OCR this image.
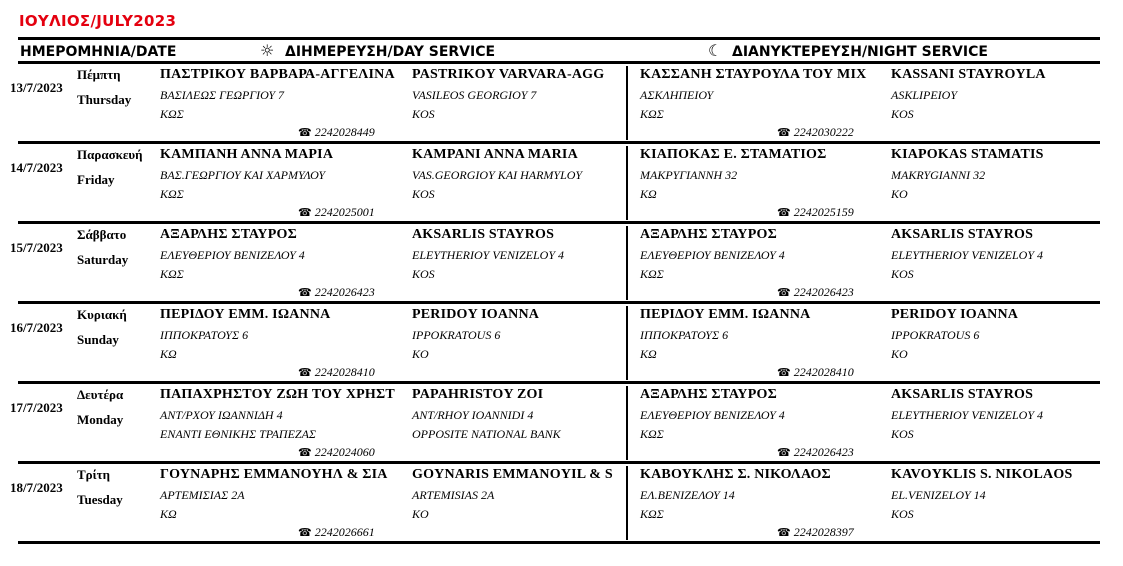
ΙΟΥΛΙΟΣ/JULY2023
ΗΜΕΡΟΜΗΝΙΑ/DATE	☼ ΔΙΗΜΕΡΕΥΣΗ/DAY SERVICE	☾ ΔΙΑΝΥΚΤΕΡΕΥΣΗ/NIGHT SERVICE
13/7/2023
Πέμπτη
Thursday
ΠΑΣΤΡΙΚΟΥ ΒΑΡΒΑΡΑ-ΑΓΓΕΛΙΝΑ
ΒΑΣΙΛΕΩΣ ΓΕΩΡΓΙΟΥ 7
ΚΩΣ
PASTRIKOY VARVARA-AGG
VASILEOS GEORGIOY 7
KOS
☎ 2242028449
ΚΑΣΣΑΝΗ ΣΤΑΥΡΟΥΛΑ ΤΟΥ ΜΙΧ
ΑΣΚΛΗΠΕΙΟΥ
ΚΩΣ
KASSANI STAYROYLA
ASKLIPEIOY
KOS
☎ 2242030222
14/7/2023
Παρασκευή
Friday
ΚΑΜΠΑΝΗ ΑΝΝΑ ΜΑΡΙΑ
ΒΑΣ.ΓΕΩΡΓΙΟΥ ΚΑΙ ΧΑΡΜΥΛΟΥ
ΚΩΣ
KAMPANI ANNA MARIA
VAS.GEORGIOY KAI HARMYLOY
KOS
☎ 2242025001
ΚΙΑΠΟΚΑΣ Ε. ΣΤΑΜΑΤΙΟΣ
ΜΑΚΡΥΓΙΑΝΝΗ 32
ΚΩ
KIAPOKAS STAMATIS
MAKRYGIANNI 32
KO
☎ 2242025159
15/7/2023
Σάββατο
Saturday
ΑΞΑΡΛΗΣ ΣΤΑΥΡΟΣ
ΕΛΕΥΘΕΡΙΟΥ ΒΕΝΙΖΕΛΟΥ 4
ΚΩΣ
AKSARLIS STAYROS
ELEYTHERIOY VENIZELOY 4
KOS
☎ 2242026423
ΑΞΑΡΛΗΣ ΣΤΑΥΡΟΣ
ΕΛΕΥΘΕΡΙΟΥ ΒΕΝΙΖΕΛΟΥ 4
ΚΩΣ
AKSARLIS STAYROS
ELEYTHERIOY VENIZELOY 4
KOS
☎ 2242026423
16/7/2023
Κυριακή
Sunday
ΠΕΡΙΔΟΥ ΕΜΜ. ΙΩΑΝΝΑ
ΙΠΠΟΚΡΑΤΟΥΣ 6
ΚΩ
PERIDOY IOANNA
IPPOKRATOUS 6
KO
☎ 2242028410
ΠΕΡΙΔΟΥ ΕΜΜ. ΙΩΑΝΝΑ
ΙΠΠΟΚΡΑΤΟΥΣ 6
ΚΩ
PERIDOY IOANNA
IPPOKRATOUS 6
KO
☎ 2242028410
17/7/2023
Δευτέρα
Monday
ΠΑΠΑΧΡΗΣΤΟΥ ΖΩΗ ΤΟΥ ΧΡΗΣΤ
ΑΝΤ/ΡΧΟΥ ΙΩΑΝΝΙΔΗ 4
ΕΝΑΝΤΙ ΕΘΝΙΚΗΣ ΤΡΑΠΕΖΑΣ
PAPAHRISTOY ZOI
ANT/RHOY IOANNIDI 4
OPPOSITE NATIONAL BANK
☎ 2242024060
ΑΞΑΡΛΗΣ ΣΤΑΥΡΟΣ
ΕΛΕΥΘΕΡΙΟΥ ΒΕΝΙΖΕΛΟΥ 4
ΚΩΣ
AKSARLIS STAYROS
ELEYTHERIOY VENIZELOY 4
KOS
☎ 2242026423
18/7/2023
Τρίτη
Tuesday
ΓΟΥΝΑΡΗΣ ΕΜΜΑΝΟΥΗΛ & ΣΙΑ
ΑΡΤΕΜΙΣΙΑΣ 2Α
ΚΩ
GOYNARIS EMMANOYIL & S
ARTEMISIAS 2A
KO
☎ 2242026661
ΚΑΒΟΥΚΛΗΣ Σ. ΝΙΚΟΛΑΟΣ
ΕΛ.ΒΕΝΙΖΕΛΟΥ 14
ΚΩΣ
KAVOYKLIS S. NIKOLAOS
EL.VENIZELOY 14
KOS
☎ 2242028397
